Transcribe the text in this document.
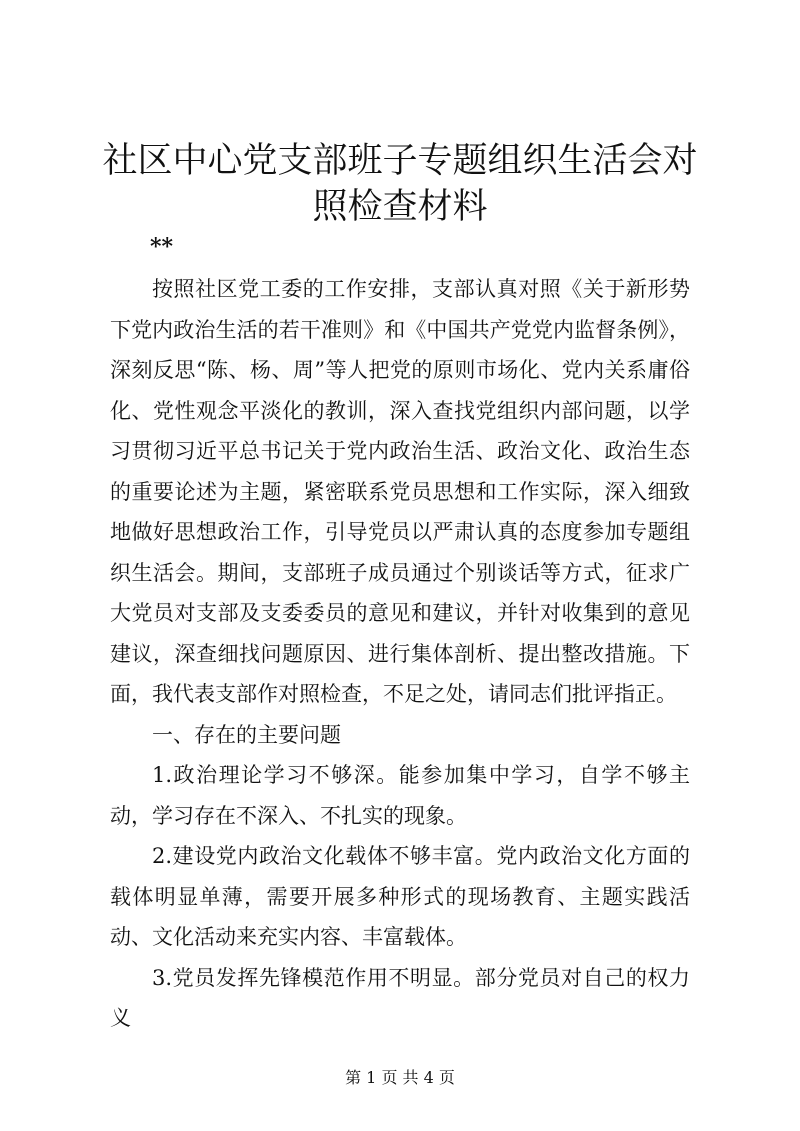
社区中心党支部班子专题组织生活会对照检查材料
**

按照社区党工委的工作安排，支部认真对照《关于新形势下党内政治生活的若干准则》和《中国共产党党内监督条例》，深刻反思“陈、杨、周”等人把党的原则市场化、党内关系庸俗化、党性观念平淡化的教训，深入查找党组织内部问题，以学习贯彻习近平总书记关于党内政治生活、政治文化、政治生态的重要论述为主题，紧密联系党员思想和工作实际，深入细致地做好思想政治工作，引导党员以严肃认真的态度参加专题组织生活会。期间，支部班子成员通过个别谈话等方式，征求广大党员对支部及支委委员的意见和建议，并针对收集到的意见建议，深查细找问题原因、进行集体剖析、提出整改措施。下面，我代表支部作对照检查，不足之处，请同志们批评指正。

一、存在的主要问题

1.政治理论学习不够深。能参加集中学习，自学不够主动，学习存在不深入、不扎实的现象。

2.建设党内政治文化载体不够丰富。党内政治文化方面的载体明显单薄，需要开展多种形式的现场教育、主题实践活动、文化活动来充实内容、丰富载体。

3.党员发挥先锋模范作用不明显。部分党员对自己的权力义

第 1 页 共 4 页
